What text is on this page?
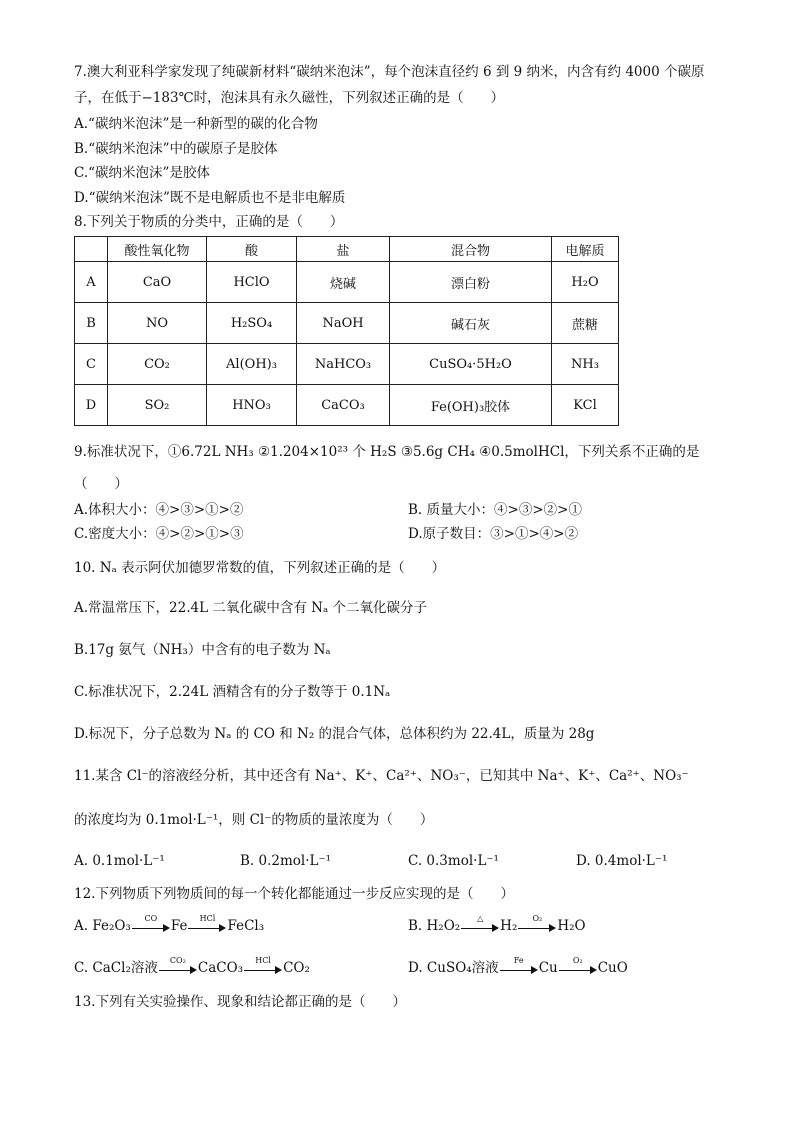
7.澳大利亚科学家发现了纯碳新材料“碳纳米泡沫”，每个泡沫直径约 6 到 9 纳米，内含有约 4000 个碳原
子，在低于−183℃时，泡沫具有永久磁性，下列叙述正确的是（　　）
A.“碳纳米泡沫”是一种新型的碳的化合物
B.“碳纳米泡沫”中的碳原子是胶体
C.“碳纳米泡沫”是胶体
D.“碳纳米泡沫”既不是电解质也不是非电解质
8.下列关于物质的分类中，正确的是（　　）
	酸性氧化物	酸	盐	混合物	电解质
A	CaO	HClO	烧碱	漂白粉	H₂O
B	NO	H₂SO₄	NaOH	碱石灰	蔗糖
C	CO₂	Al(OH)₃	NaHCO₃	CuSO₄·5H₂O	NH₃
D	SO₂	HNO₃	CaCO₃	Fe(OH)₃胶体	KCl
9.标准状况下，①6.72L NH₃ ②1.204×10²³ 个 H₂S ③5.6g CH₄ ④0.5molHCl，下列关系不正确的是
（　　）
A.体积大小：④>③>①>②	B. 质量大小：④>③>②>①
C.密度大小：④>②>①>③	D.原子数目：③>①>④>②
10. Nₐ 表示阿伏加德罗常数的值，下列叙述正确的是（　　）
A.常温常压下，22.4L 二氧化碳中含有 Nₐ 个二氧化碳分子
B.17g 氨气（NH₃）中含有的电子数为 Nₐ
C.标准状况下，2.24L 酒精含有的分子数等于 0.1Nₐ
D.标况下，分子总数为 Nₐ 的 CO 和 N₂ 的混合气体，总体积约为 22.4L，质量为 28g
11.某含 Cl⁻的溶液经分析，其中还含有 Na⁺、K⁺、Ca²⁺、NO₃⁻，已知其中 Na⁺、K⁺、Ca²⁺、NO₃⁻
的浓度均为 0.1mol·L⁻¹，则 Cl⁻的物质的量浓度为（　　）
A. 0.1mol·L⁻¹	B. 0.2mol·L⁻¹	C. 0.3mol·L⁻¹	D. 0.4mol·L⁻¹
12.下列物质下列物质间的每一个转化都能通过一步反应实现的是（　　）
A. Fe₂O₃	CO	Fe	HCl FeCl₃	B. H₂O₂	△	H₂	O₂	H₂O
C. CaCl₂溶液	CO₂ CaCO₃	HCl CO₂	D. CuSO₄溶液	Fe	Cu	O₂	CuO
13.下列有关实验操作、现象和结论都正确的是（　　）
